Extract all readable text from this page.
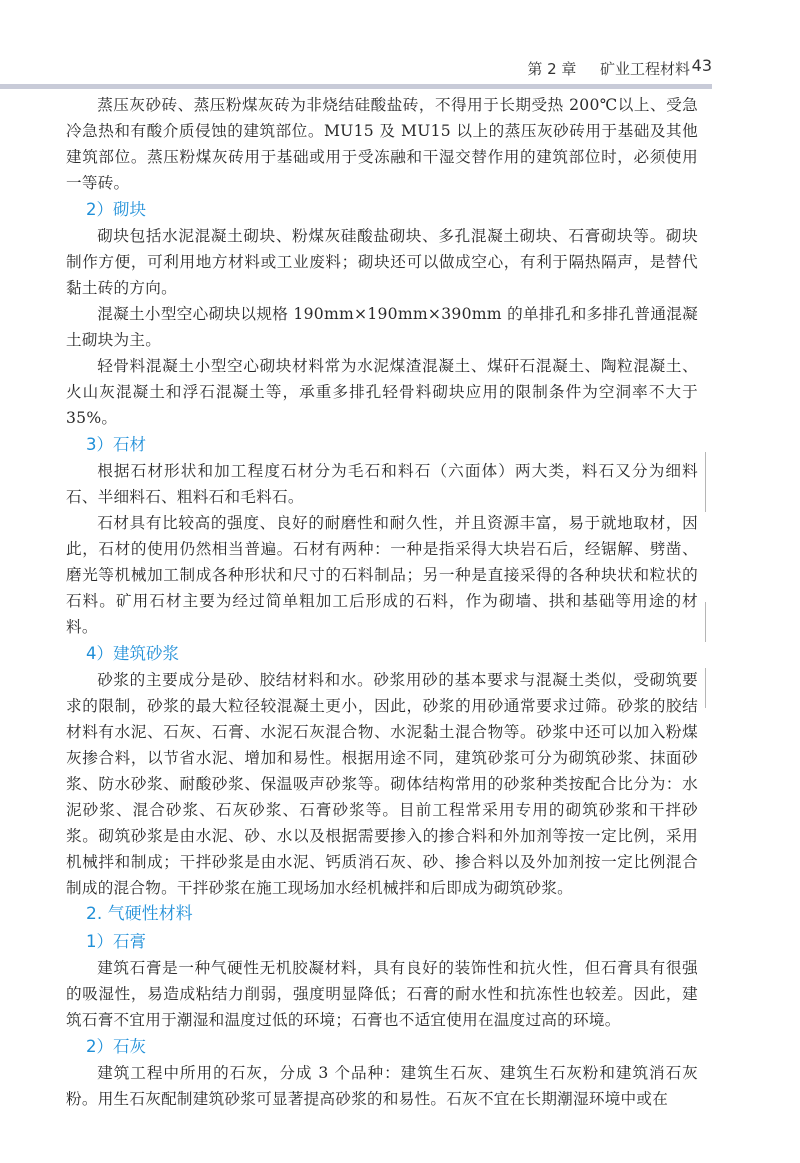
第 2 章 矿业工程材料 43

蒸压灰砂砖、蒸压粉煤灰砖为非烧结硅酸盐砖，不得用于长期受热 200℃以上、受急冷急热和有酸介质侵蚀的建筑部位。MU15 及 MU15 以上的蒸压灰砂砖用于基础及其他建筑部位。蒸压粉煤灰砖用于基础或用于受冻融和干湿交替作用的建筑部位时，必须使用一等砖。

2）砌块

砌块包括水泥混凝土砌块、粉煤灰硅酸盐砌块、多孔混凝土砌块、石膏砌块等。砌块制作方便，可利用地方材料或工业废料；砌块还可以做成空心，有利于隔热隔声，是替代黏土砖的方向。

混凝土小型空心砌块以规格 190mm×190mm×390mm 的单排孔和多排孔普通混凝土砌块为主。

轻骨料混凝土小型空心砌块材料常为水泥煤渣混凝土、煤矸石混凝土、陶粒混凝土、火山灰混凝土和浮石混凝土等，承重多排孔轻骨料砌块应用的限制条件为空洞率不大于 35%。

3）石材

根据石材形状和加工程度石材分为毛石和料石（六面体）两大类，料石又分为细料石、半细料石、粗料石和毛料石。

石材具有比较高的强度、良好的耐磨性和耐久性，并且资源丰富，易于就地取材，因此，石材的使用仍然相当普遍。石材有两种：一种是指采得大块岩石后，经锯解、劈凿、磨光等机械加工制成各种形状和尺寸的石料制品；另一种是直接采得的各种块状和粒状的石料。矿用石材主要为经过简单粗加工后形成的石料，作为砌墙、拱和基础等用途的材料。

4）建筑砂浆

砂浆的主要成分是砂、胶结材料和水。砂浆用砂的基本要求与混凝土类似，受砌筑要求的限制，砂浆的最大粒径较混凝土更小，因此，砂浆的用砂通常要求过筛。砂浆的胶结材料有水泥、石灰、石膏、水泥石灰混合物、水泥黏土混合物等。砂浆中还可以加入粉煤灰掺合料，以节省水泥、增加和易性。根据用途不同，建筑砂浆可分为砌筑砂浆、抹面砂浆、防水砂浆、耐酸砂浆、保温吸声砂浆等。砌体结构常用的砂浆种类按配合比分为：水泥砂浆、混合砂浆、石灰砂浆、石膏砂浆等。目前工程常采用专用的砌筑砂浆和干拌砂浆。砌筑砂浆是由水泥、砂、水以及根据需要掺入的掺合料和外加剂等按一定比例，采用机械拌和制成；干拌砂浆是由水泥、钙质消石灰、砂、掺合料以及外加剂按一定比例混合制成的混合物。干拌砂浆在施工现场加水经机械拌和后即成为砌筑砂浆。

2. 气硬性材料
1）石膏

建筑石膏是一种气硬性无机胶凝材料，具有良好的装饰性和抗火性，但石膏具有很强的吸湿性，易造成粘结力削弱，强度明显降低；石膏的耐水性和抗冻性也较差。因此，建筑石膏不宜用于潮湿和温度过低的环境；石膏也不适宜使用在温度过高的环境。

2）石灰

建筑工程中所用的石灰，分成 3 个品种：建筑生石灰、建筑生石灰粉和建筑消石灰粉。用生石灰配制建筑砂浆可显著提高砂浆的和易性。石灰不宜在长期潮湿环境中或在
